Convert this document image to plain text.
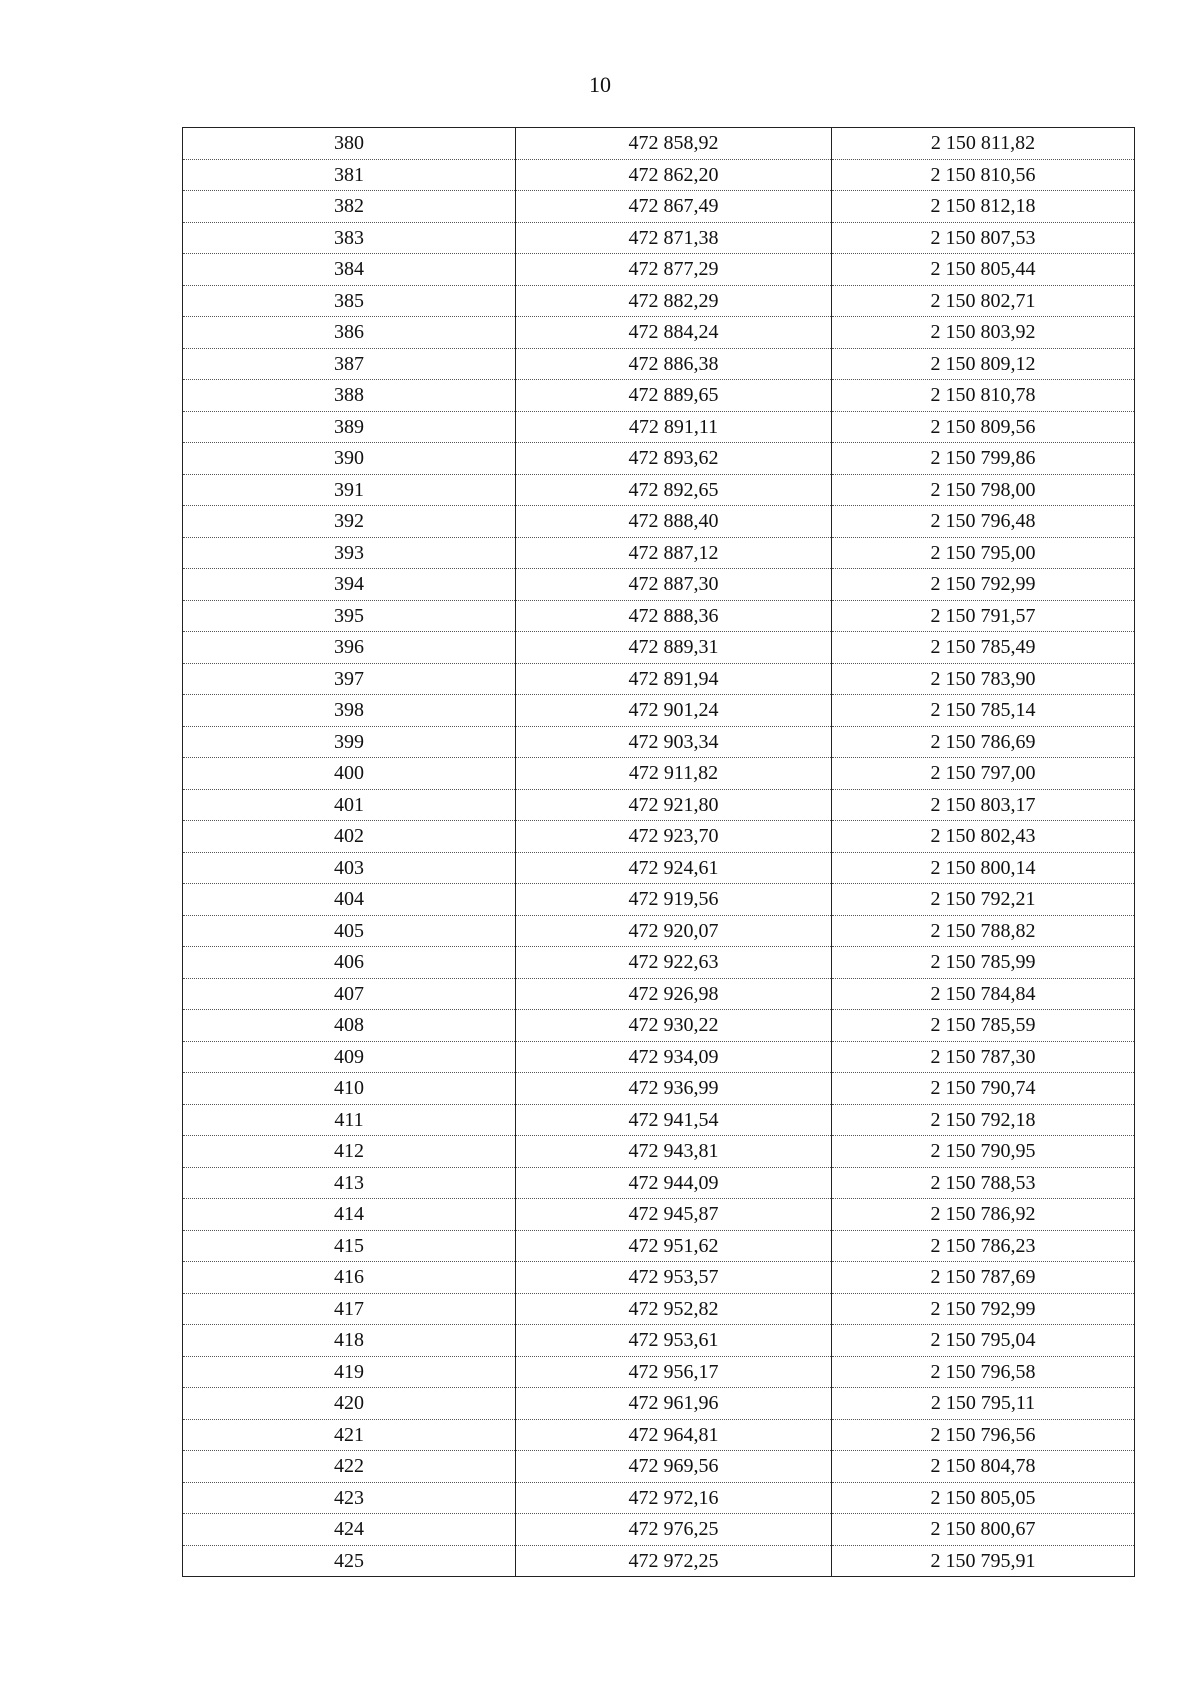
10
380	472 858,92	2 150 811,82
381	472 862,20	2 150 810,56
382	472 867,49	2 150 812,18
383	472 871,38	2 150 807,53
384	472 877,29	2 150 805,44
385	472 882,29	2 150 802,71
386	472 884,24	2 150 803,92
387	472 886,38	2 150 809,12
388	472 889,65	2 150 810,78
389	472 891,11	2 150 809,56
390	472 893,62	2 150 799,86
391	472 892,65	2 150 798,00
392	472 888,40	2 150 796,48
393	472 887,12	2 150 795,00
394	472 887,30	2 150 792,99
395	472 888,36	2 150 791,57
396	472 889,31	2 150 785,49
397	472 891,94	2 150 783,90
398	472 901,24	2 150 785,14
399	472 903,34	2 150 786,69
400	472 911,82	2 150 797,00
401	472 921,80	2 150 803,17
402	472 923,70	2 150 802,43
403	472 924,61	2 150 800,14
404	472 919,56	2 150 792,21
405	472 920,07	2 150 788,82
406	472 922,63	2 150 785,99
407	472 926,98	2 150 784,84
408	472 930,22	2 150 785,59
409	472 934,09	2 150 787,30
410	472 936,99	2 150 790,74
411	472 941,54	2 150 792,18
412	472 943,81	2 150 790,95
413	472 944,09	2 150 788,53
414	472 945,87	2 150 786,92
415	472 951,62	2 150 786,23
416	472 953,57	2 150 787,69
417	472 952,82	2 150 792,99
418	472 953,61	2 150 795,04
419	472 956,17	2 150 796,58
420	472 961,96	2 150 795,11
421	472 964,81	2 150 796,56
422	472 969,56	2 150 804,78
423	472 972,16	2 150 805,05
424	472 976,25	2 150 800,67
425	472 972,25	2 150 795,91
